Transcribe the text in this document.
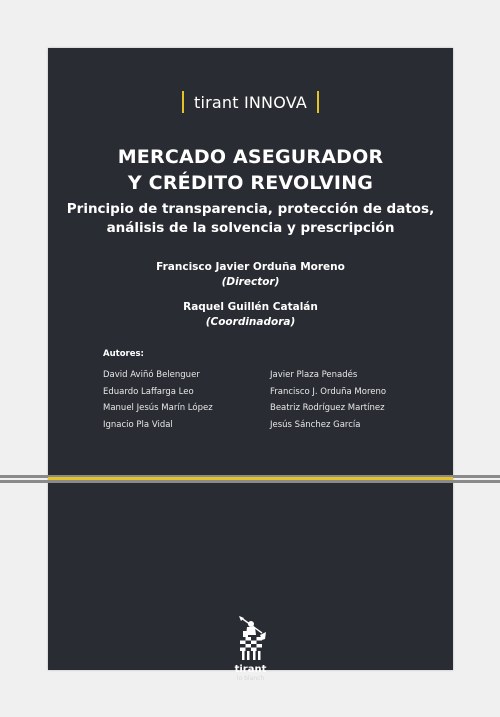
tirant INNOVA
MERCADO ASEGURADOR
Y CRÉDITO REVOLVING
Principio de transparencia, protección de datos,
análisis de la solvencia y prescripción
Francisco Javier Orduña Moreno
(Director)
Raquel Guillén Catalán
(Coordinadora)
Autores:
David Aviñó Belenguer
Eduardo Laffarga Leo
Manuel Jesús Marín López
Ignacio Pla Vidal
Javier Plaza Penadés
Francisco J. Orduña Moreno
Beatriz Rodríguez Martínez
Jesús Sánchez García
tirant
lo blanch
